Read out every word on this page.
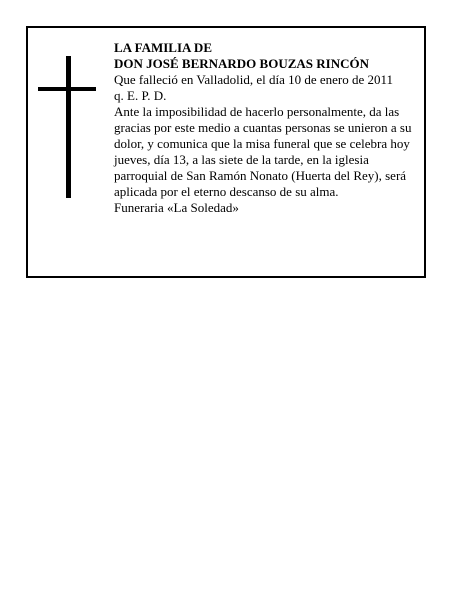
LA FAMILIA DE

DON JOSÉ BERNARDO BOUZAS RINCÓN

Que falleció en Valladolid, el día 10 de enero de 2011

q. E. P. D.

Ante la imposibilidad de hacerlo personalmente, da las gracias por este medio a cuantas personas se unieron a su dolor, y comunica que la misa funeral que se celebra hoy jueves, día 13, a las siete de la tarde, en la iglesia parroquial de San Ramón Nonato (Huerta del Rey), será aplicada por el eterno descanso de su alma.

Funeraria «La Soledad»
